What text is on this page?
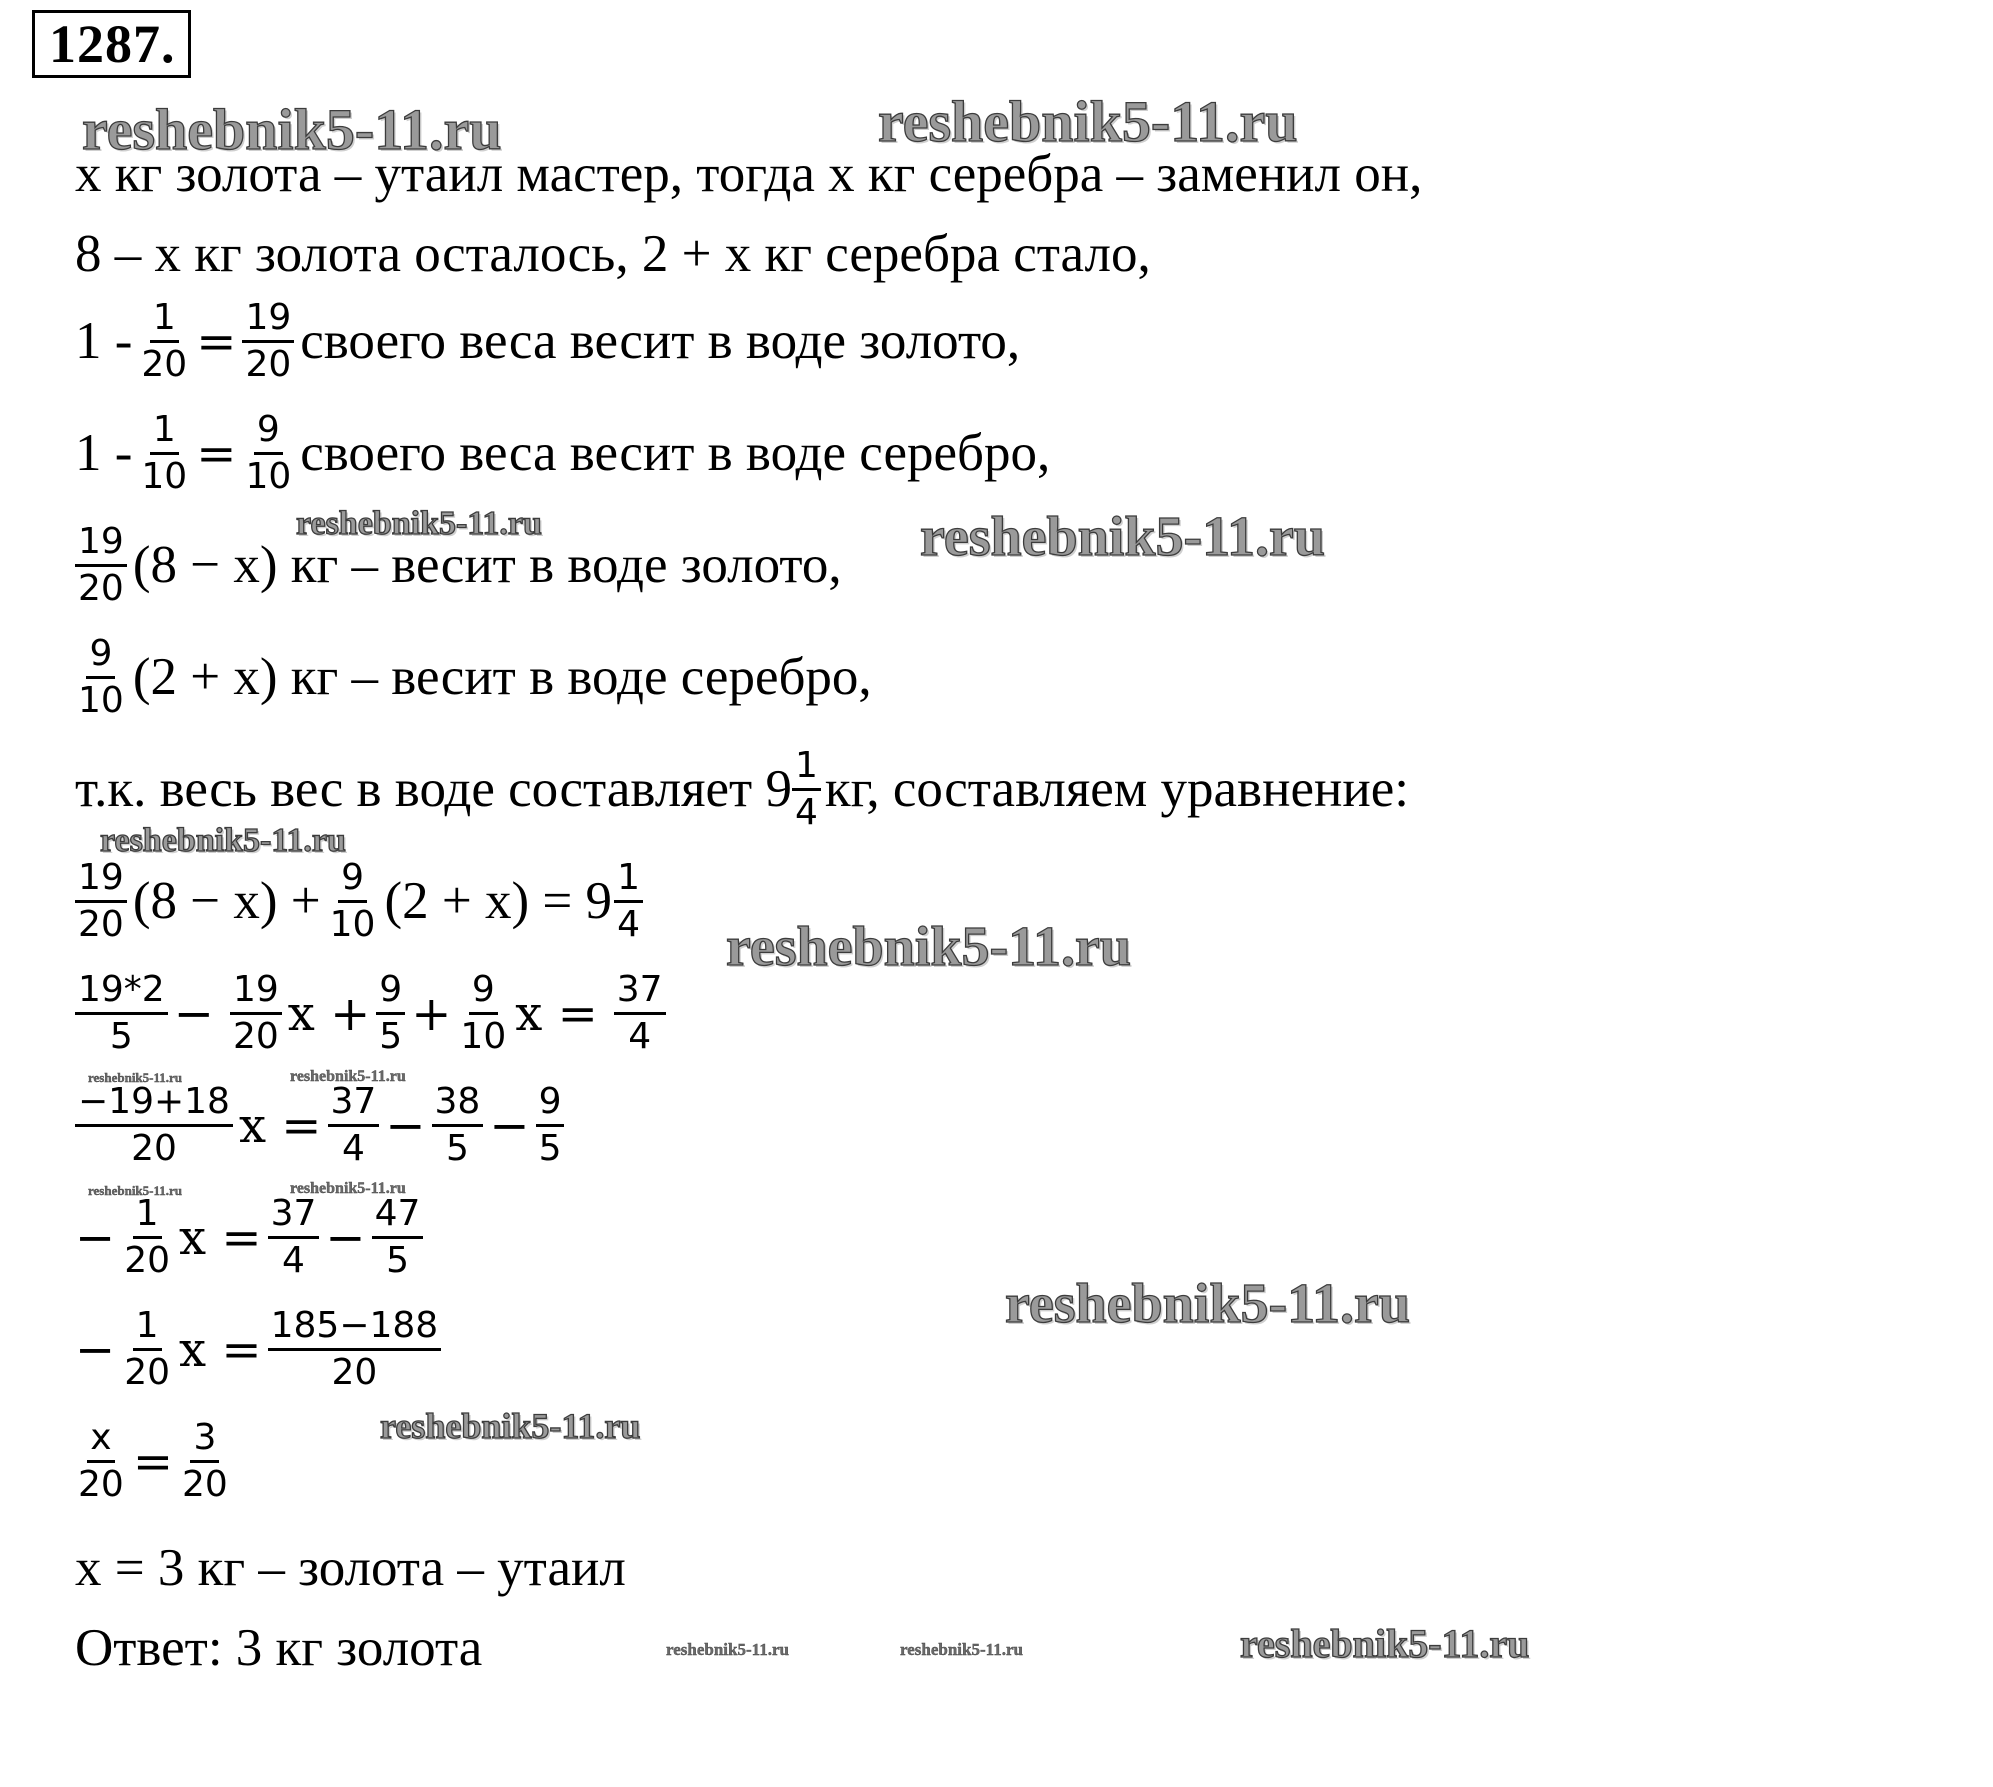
1287.
reshebnik5-11.ru	reshebnik5-11.ru
reshebnik5-11.ru	reshebnik5-11.ru
reshebnik5-11.ru
reshebnik5-11.ru
reshebnik5-11.ru	reshebnik5-11.ru
reshebnik5-11.ru	reshebnik5-11.ru
reshebnik5-11.ru
reshebnik5-11.ru
reshebnik5-11.ru	reshebnik5-11.ru	reshebnik5-11.ru
х кг золота – утаил мастер, тогда х кг серебра – заменил он,
8 – х кг золота осталось, 2 + х кг серебра стало,
$1 - \frac{1}{20} = \frac{19}{20}$ своего веса весит в воде золото,
$1 - \frac{1}{10} = \frac{9}{10}$ своего веса весит в воде серебро,
$\frac{19}{20} (8 - x)$ кг – весит в воде золото,
$\frac{9}{10} (2 + x)$ кг – весит в воде серебро,
т.к. весь вес в воде составляет $9 \frac{1}{4}$ кг, составляем уравнение:
$\frac{19}{20} (8 - x) + \frac{9}{10} (2 + x) = 9 \frac{1}{4}$
$\frac{19*2}{5} - \frac{19}{20}$ $x + \frac{9}{5} + \frac{9}{10}$ $x = \frac{37}{4}$
$\frac{-19+18}{20}$ $x = \frac{37}{4} - \frac{38}{5} - \frac{9}{5}$
− $\frac{1}{20}$ $x = \frac{37}{4} - \frac{47}{5}$
− $\frac{1}{20}$ $x = \frac{185-188}{20}$
$\frac{x}{20} = \frac{3}{20}$
х = 3 кг – золота – утаил
Ответ: 3 кг золота
